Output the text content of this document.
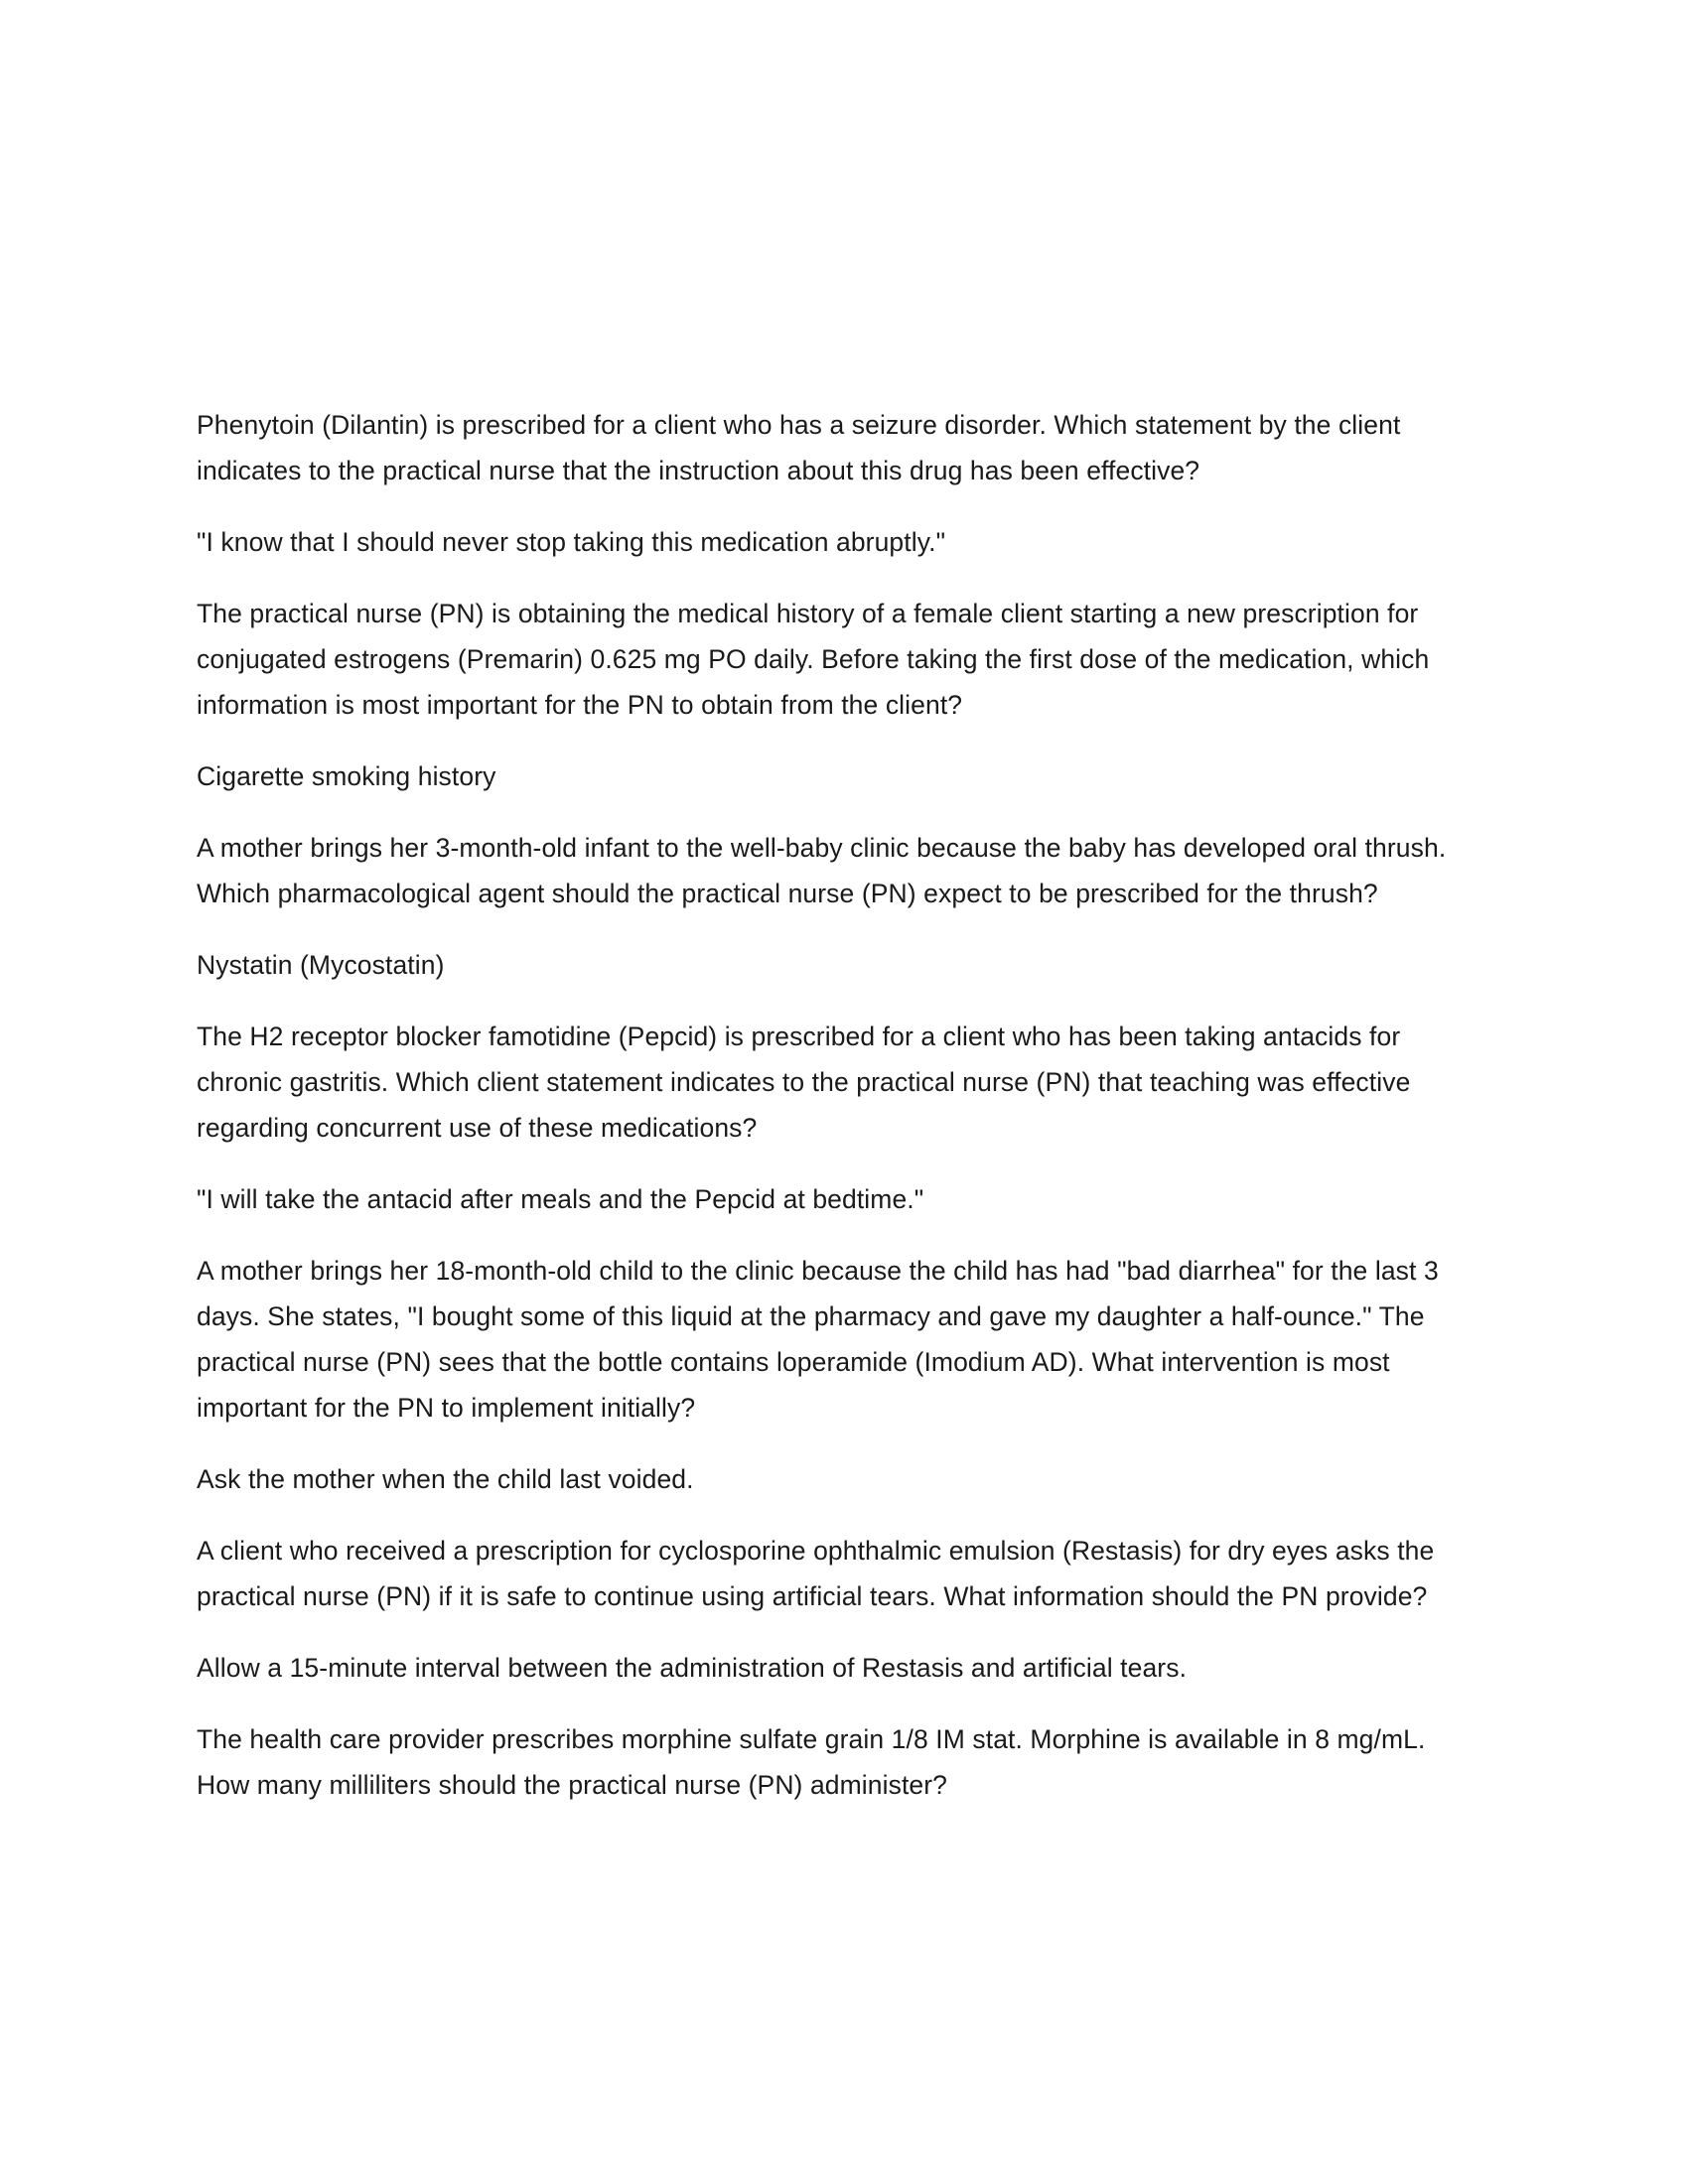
Phenytoin (Dilantin) is prescribed for a client who has a seizure disorder. Which statement by the client indicates to the practical nurse that the instruction about this drug has been effective?

"I know that I should never stop taking this medication abruptly."

The practical nurse (PN) is obtaining the medical history of a female client starting a new prescription for conjugated estrogens (Premarin) 0.625 mg PO daily. Before taking the first dose of the medication, which information is most important for the PN to obtain from the client?

Cigarette smoking history

A mother brings her 3-month-old infant to the well-baby clinic because the baby has developed oral thrush. Which pharmacological agent should the practical nurse (PN) expect to be prescribed for the thrush?

Nystatin (Mycostatin)

The H2 receptor blocker famotidine (Pepcid) is prescribed for a client who has been taking antacids for chronic gastritis. Which client statement indicates to the practical nurse (PN) that teaching was effective regarding concurrent use of these medications?

"I will take the antacid after meals and the Pepcid at bedtime."

A mother brings her 18-month-old child to the clinic because the child has had "bad diarrhea" for the last 3 days. She states, "I bought some of this liquid at the pharmacy and gave my daughter a half-ounce." The practical nurse (PN) sees that the bottle contains loperamide (Imodium AD). What intervention is most important for the PN to implement initially?

Ask the mother when the child last voided.

A client who received a prescription for cyclosporine ophthalmic emulsion (Restasis) for dry eyes asks the practical nurse (PN) if it is safe to continue using artificial tears. What information should the PN provide?

Allow a 15-minute interval between the administration of Restasis and artificial tears.

The health care provider prescribes morphine sulfate grain 1/8 IM stat. Morphine is available in 8 mg/mL. How many milliliters should the practical nurse (PN) administer?
